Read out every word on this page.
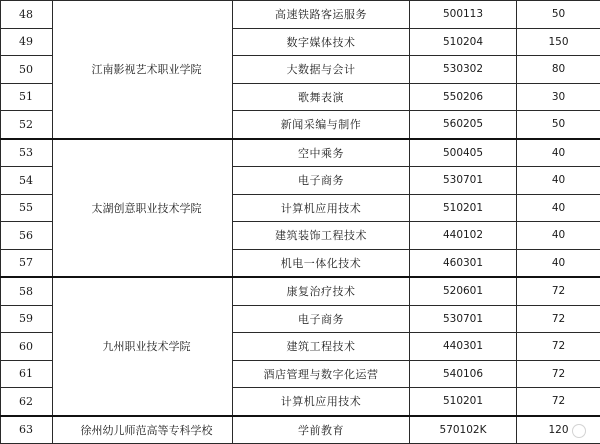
48	江南影视艺术职业学院	高速铁路客运服务	500113	50
49		数字媒体技术	510204	150
50		大数据与会计	530302	80
51		歌舞表演	550206	30
52		新闻采编与制作	560205	50
53	太湖创意职业技术学院	空中乘务	500405	40
54		电子商务	530701	40
55		计算机应用技术	510201	40
56		建筑装饰工程技术	440102	40
57		机电一体化技术	460301	40
58	九州职业技术学院	康复治疗技术	520601	72
59		电子商务	530701	72
60		建筑工程技术	440301	72
61		酒店管理与数字化运营	540106	72
62		计算机应用技术	510201	72
63	徐州幼儿师范高等专科学校	学前教育	570102K	120
